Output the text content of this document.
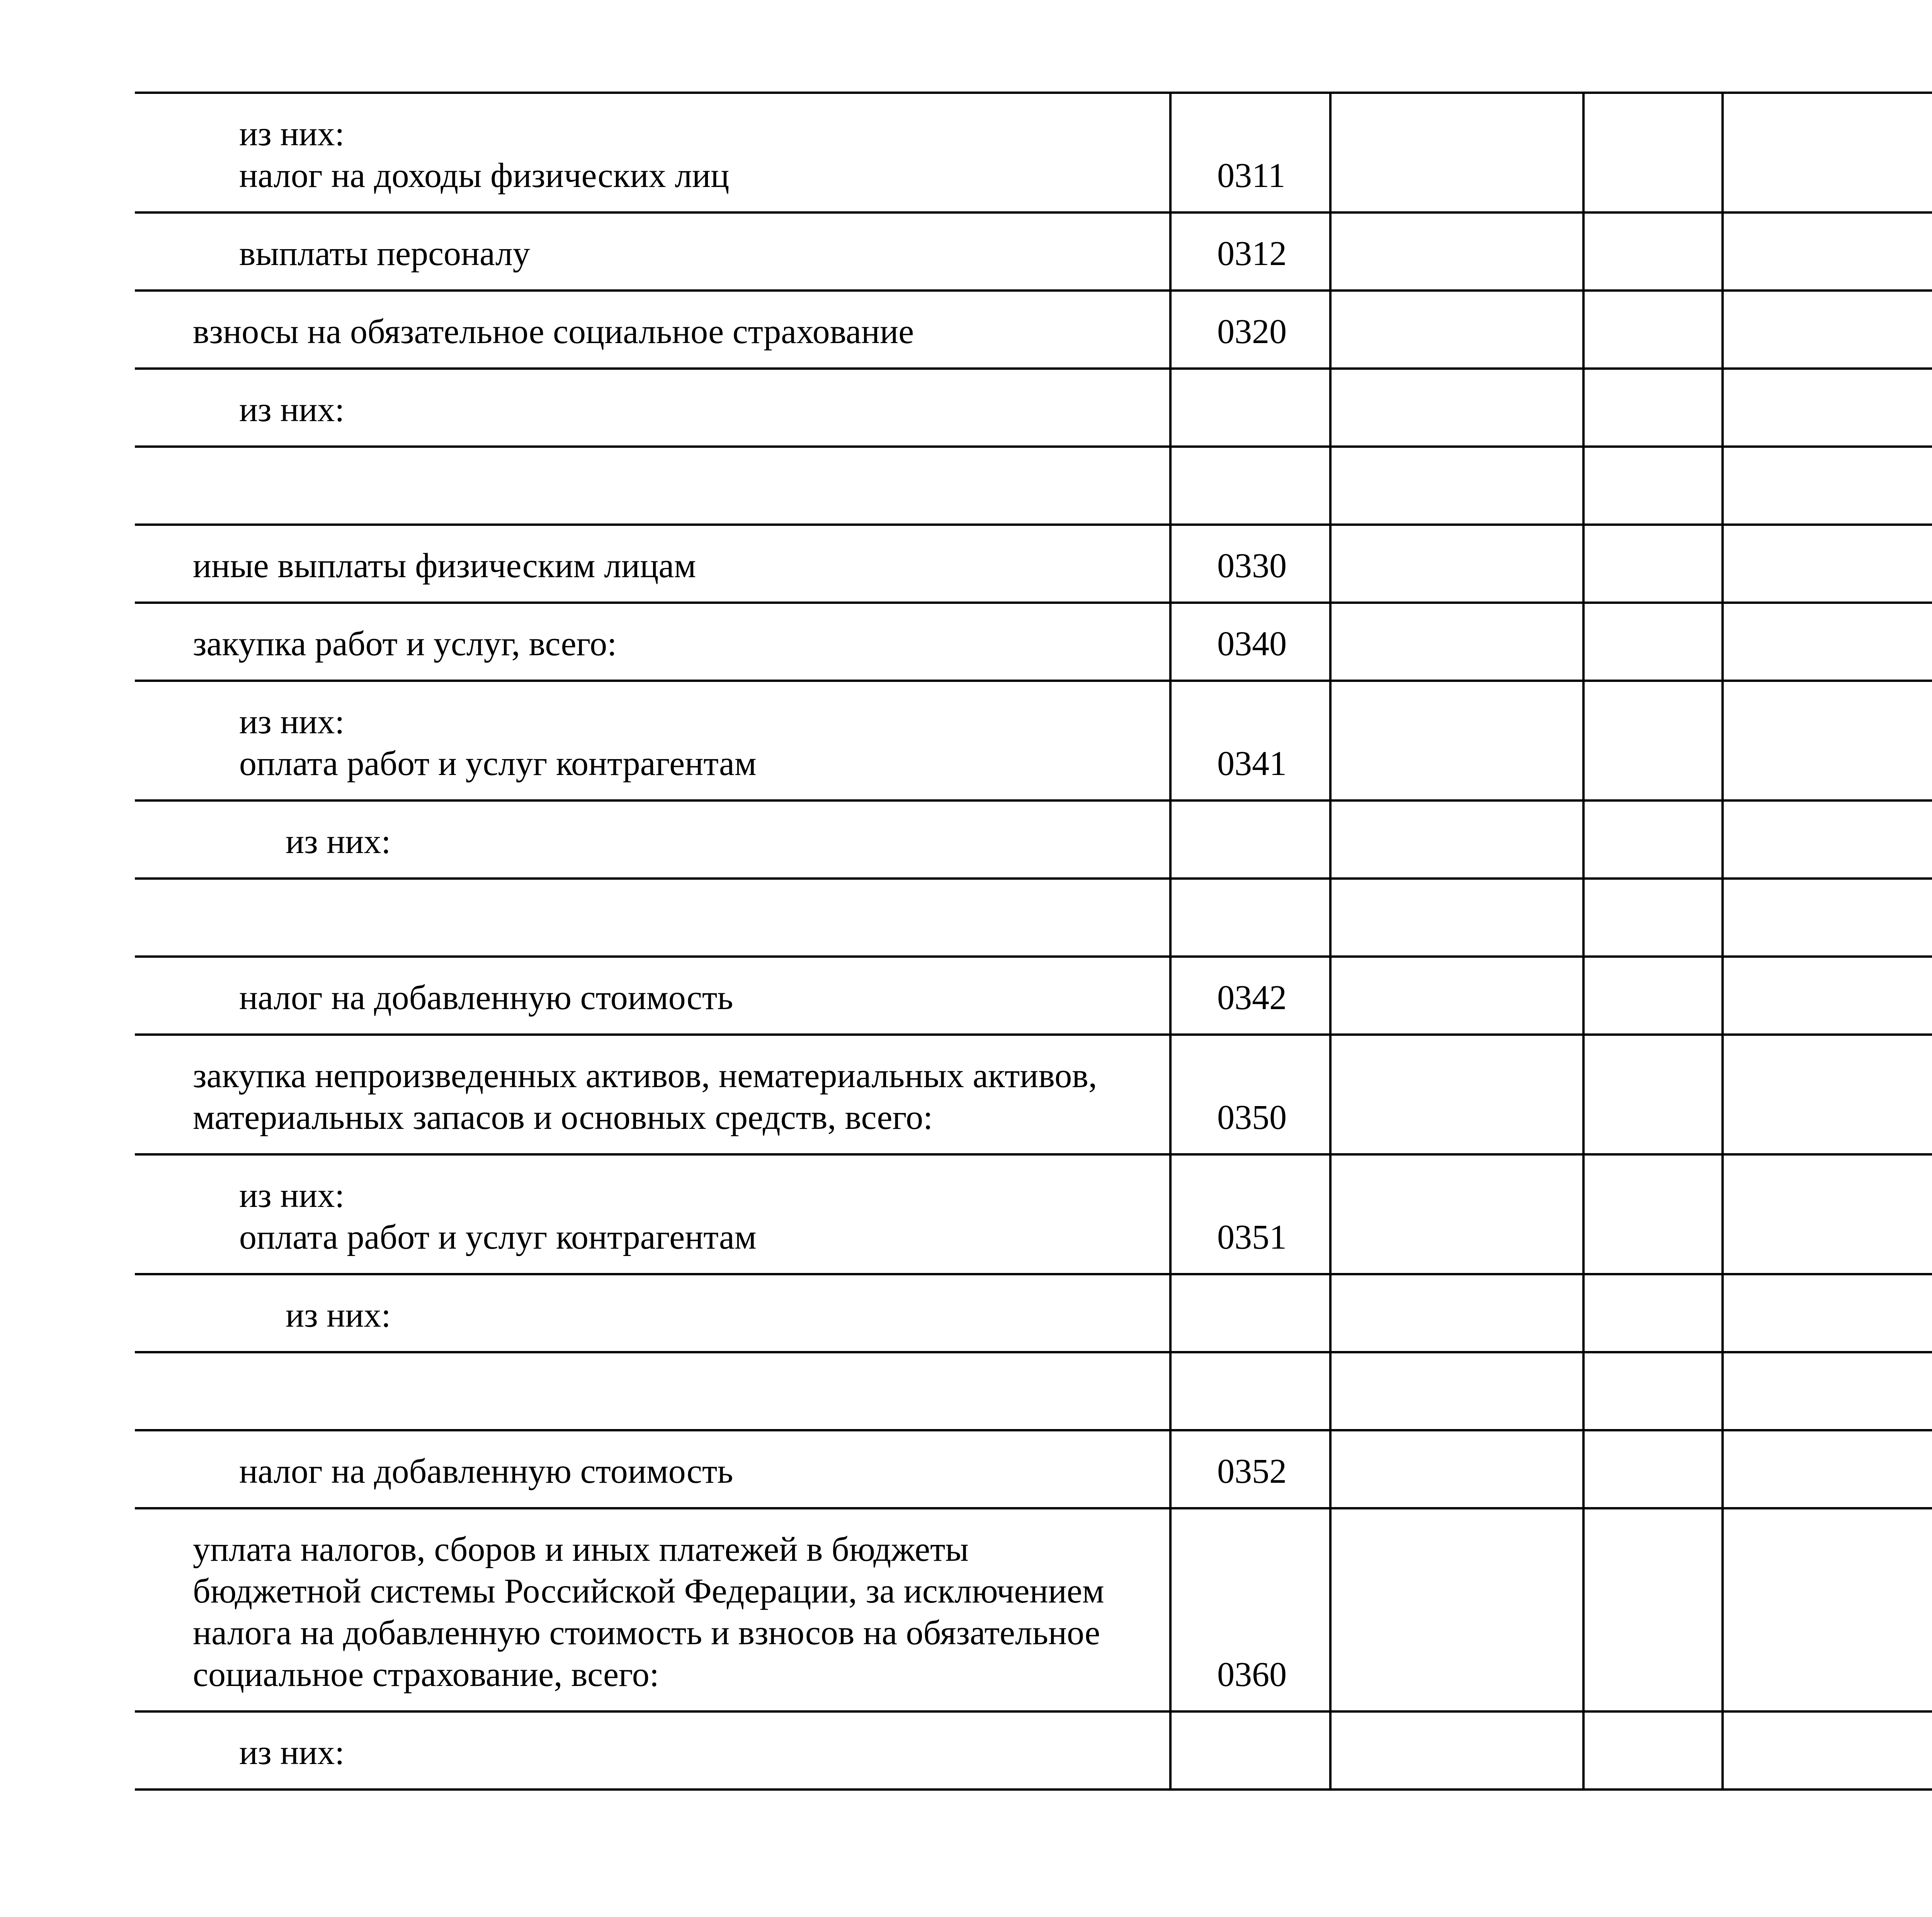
из них:
налог на доходы физических лиц	0311						

выплаты персоналу	0312						

взносы на обязательное социальное страхование	0320						

из них:							

иные выплаты физическим лицам	0330						

закупка работ и услуг, всего:	0340						

из них:
оплата работ и услуг контрагентам	0341						

из них:							

налог на добавленную стоимость	0342						

закупка непроизведенных активов, нематериальных активов,
материальных запасов и основных средств, всего:	0350						

из них:
оплата работ и услуг контрагентам	0351						

из них:							

налог на добавленную стоимость	0352						

уплата налогов, сборов и иных платежей в бюджеты
бюджетной системы Российской Федерации, за исключением
налога на добавленную стоимость и взносов на обязательное
социальное страхование, всего:	0360						

из них:							
